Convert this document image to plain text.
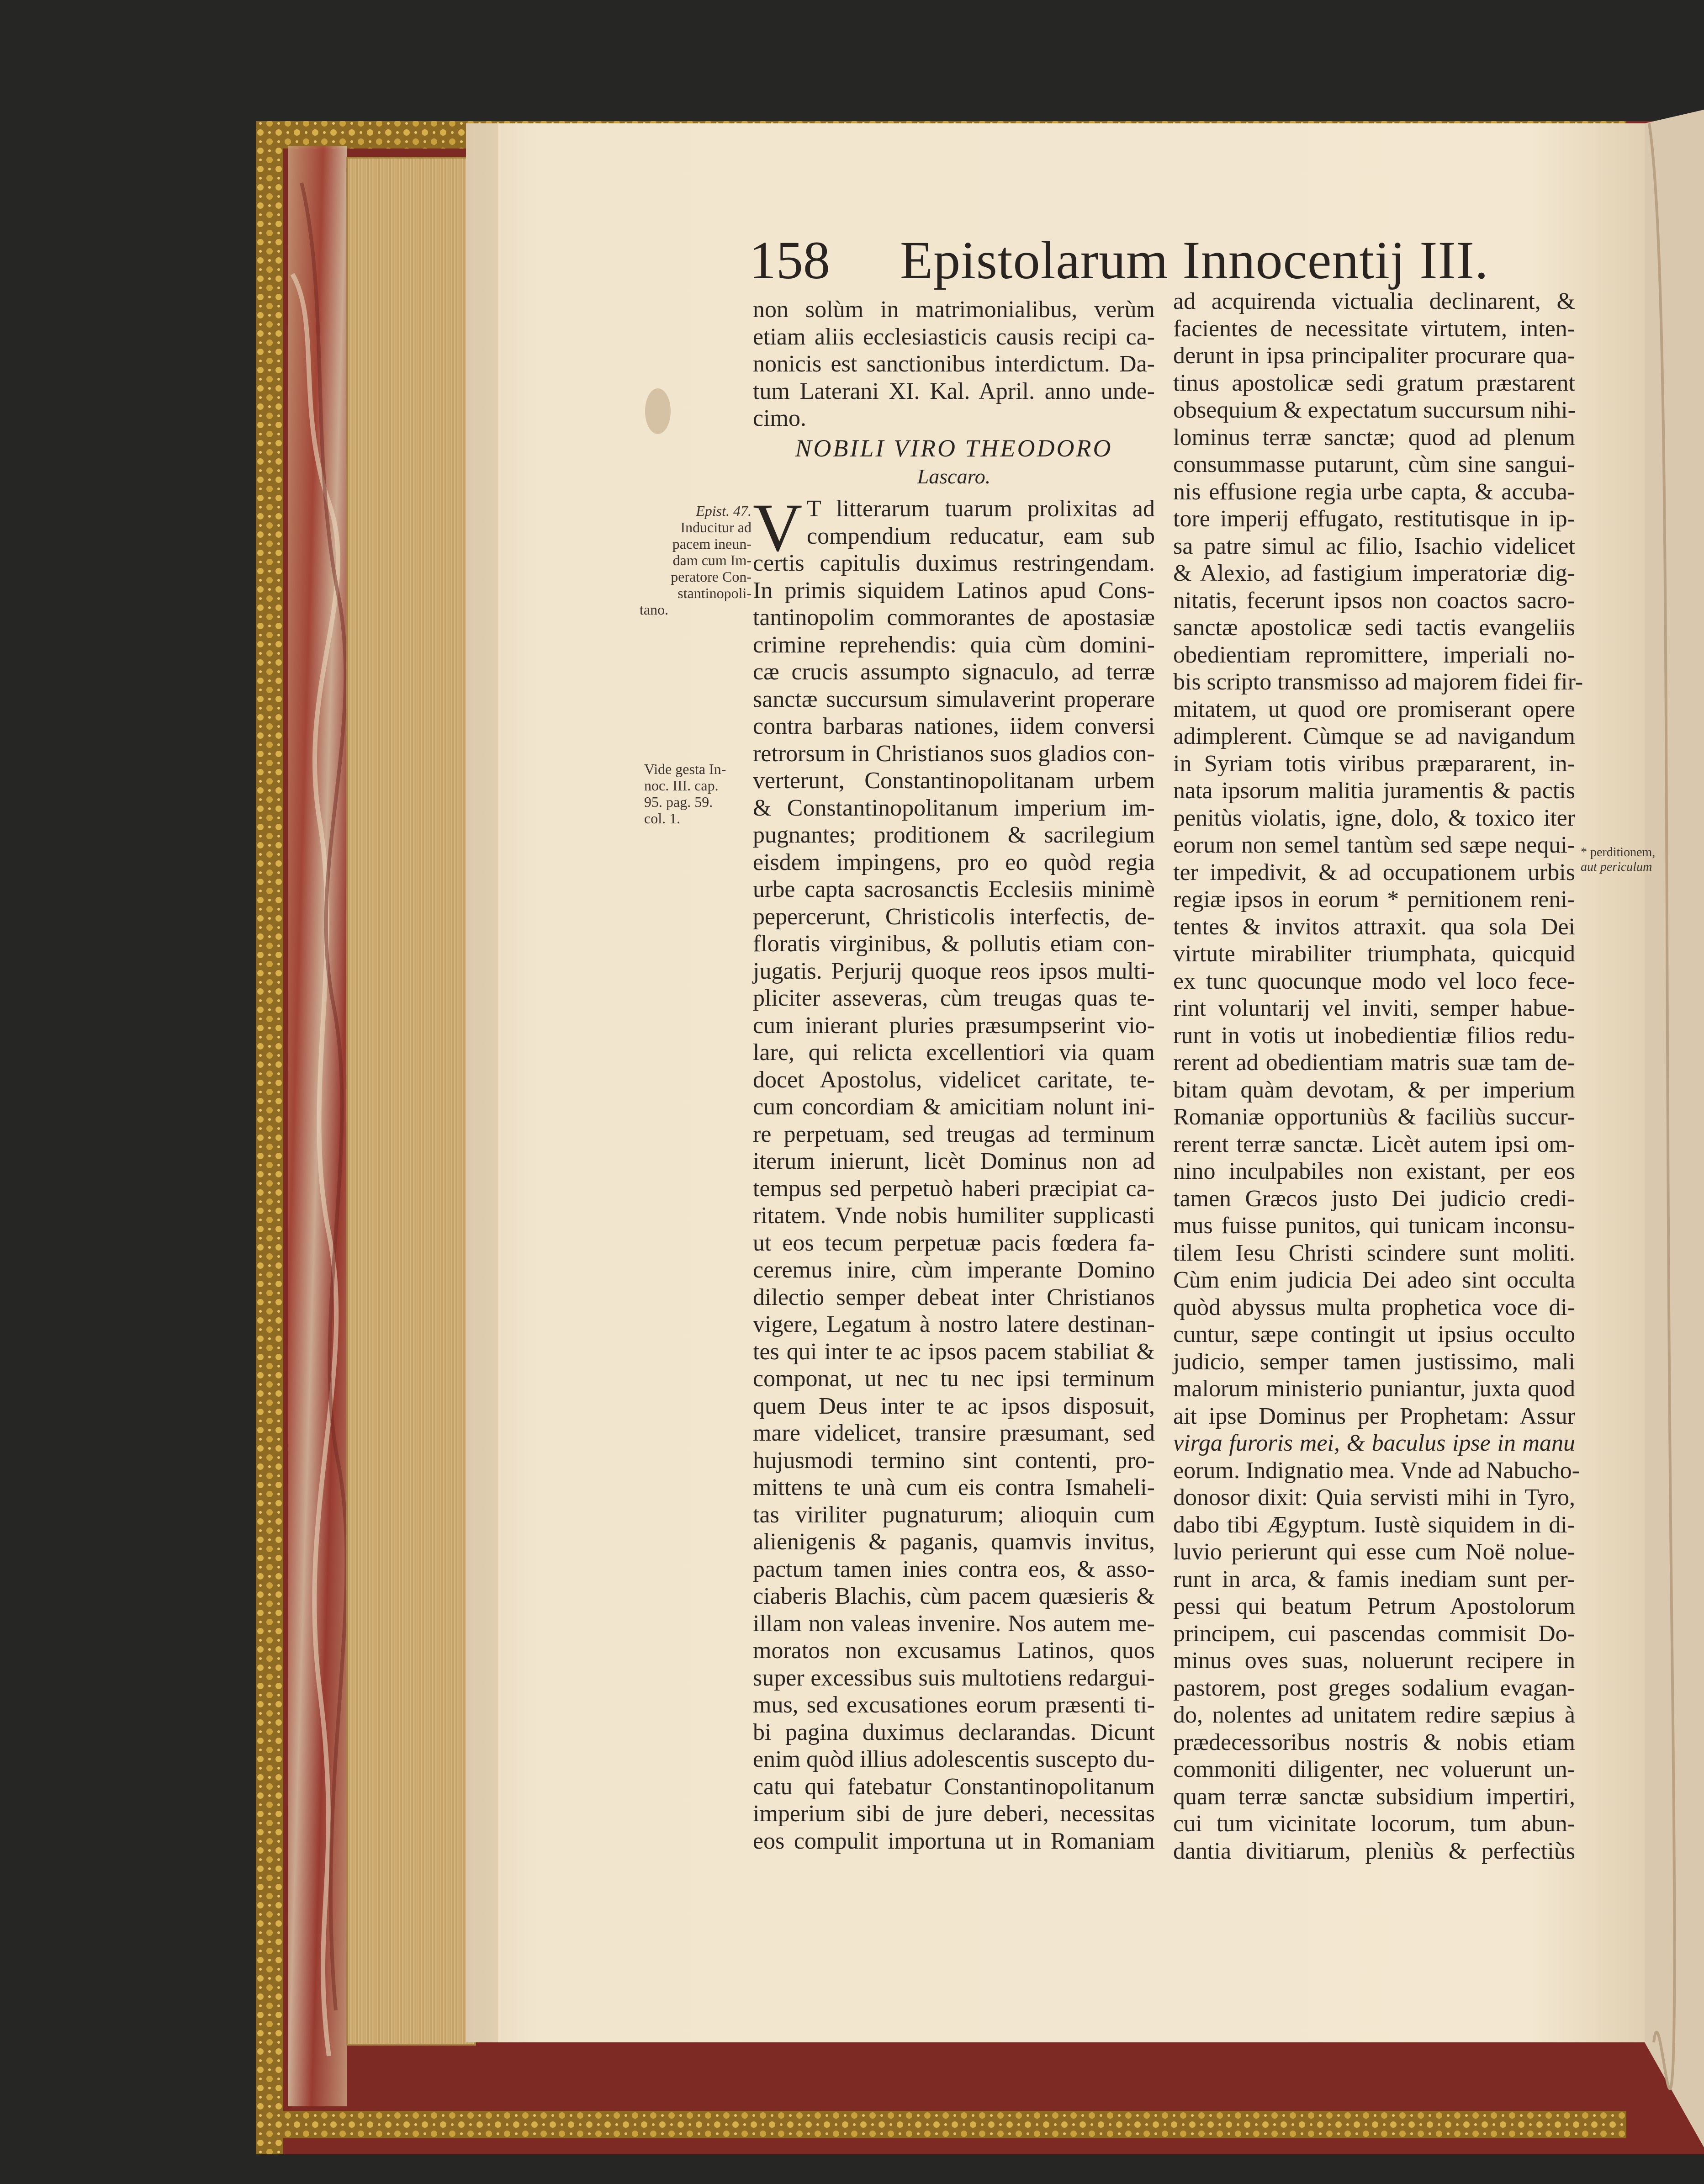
158 Epistolarum Innocentij III.
non solùm in matrimonialibus, verùm
etiam aliis ecclesiasticis causis recipi ca-
nonicis est sanctionibus interdictum. Da-
tum Laterani XI. Kal. April. anno unde-
cimo.
NOBILI VIRO THEODORO
Lascaro.
V T litterarum tuarum prolixitas ad
compendium reducatur, eam sub
certis capitulis duximus restringendam.
In primis siquidem Latinos apud Cons-
tantinopolim commorantes de apostasiæ
crimine reprehendis: quia cùm domini-
cæ crucis assumpto signaculo, ad terræ
sanctæ succursum simulaverint properare
contra barbaras nationes, iidem conversi
retrorsum in Christianos suos gladios con-
verterunt, Constantinopolitanam urbem
& Constantinopolitanum imperium im-
pugnantes; proditionem & sacrilegium
eisdem impingens, pro eo quòd regia
urbe capta sacrosanctis Ecclesiis minimè
pepercerunt, Christicolis interfectis, de-
floratis virginibus, & pollutis etiam con-
jugatis. Perjurij quoque reos ipsos multi-
pliciter asseveras, cùm treugas quas te-
cum inierant pluries præsumpserint vio-
lare, qui relicta excellentiori via quam
docet Apostolus, videlicet caritate, te-
cum concordiam & amicitiam nolunt ini-
re perpetuam, sed treugas ad terminum
iterum inierunt, licèt Dominus non ad
tempus sed perpetuò haberi præcipiat ca-
ritatem. Vnde nobis humiliter supplicasti
ut eos tecum perpetuæ pacis fœdera fa-
ceremus inire, cùm imperante Domino
dilectio semper debeat inter Christianos
vigere, Legatum à nostro latere destinan-
tes qui inter te ac ipsos pacem stabiliat &
componat, ut nec tu nec ipsi terminum
quem Deus inter te ac ipsos disposuit,
mare videlicet, transire præsumant, sed
hujusmodi termino sint contenti, pro-
mittens te unà cum eis contra Ismaheli-
tas viriliter pugnaturum; alioquin cum
alienigenis & paganis, quamvis invitus,
pactum tamen inies contra eos, & asso-
ciaberis Blachis, cùm pacem quæsieris &
illam non valeas invenire. Nos autem me-
moratos non excusamus Latinos, quos
super excessibus suis multotiens redargui-
mus, sed excusationes eorum præsenti ti-
bi pagina duximus declarandas. Dicunt
enim quòd illius adolescentis suscepto du-
catu qui fatebatur Constantinopolitanum
imperium sibi de jure deberi, necessitas
eos compulit importuna ut in Romaniam
ad acquirenda victualia declinarent, &
facientes de necessitate virtutem, inten-
derunt in ipsa principaliter procurare qua-
tinus apostolicæ sedi gratum præstarent
obsequium & expectatum succursum nihi-
lominus terræ sanctæ; quod ad plenum
consummasse putarunt, cùm sine sangui-
nis effusione regia urbe capta, & accuba-
tore imperij effugato, restitutisque in ip-
sa patre simul ac filio, Isachio videlicet
& Alexio, ad fastigium imperatoriæ dig-
nitatis, fecerunt ipsos non coactos sacro-
sanctæ apostolicæ sedi tactis evangeliis
obedientiam repromittere, imperiali no-
bis scripto transmisso ad majorem fidei fir-
mitatem, ut quod ore promiserant opere
adimplerent. Cùmque se ad navigandum
in Syriam totis viribus præpararent, in-
nata ipsorum malitia juramentis & pactis
penitùs violatis, igne, dolo, & toxico iter
eorum non semel tantùm sed sæpe nequi-
ter impedivit, & ad occupationem urbis
regiæ ipsos in eorum * pernitionem reni-
tentes & invitos attraxit. qua sola Dei
virtute mirabiliter triumphata, quicquid
ex tunc quocunque modo vel loco fece-
rint voluntarij vel inviti, semper habue-
runt in votis ut inobedientiæ filios redu-
rerent ad obedientiam matris suæ tam de-
bitam quàm devotam, & per imperium
Romaniæ opportuniùs & faciliùs succur-
rerent terræ sanctæ. Licèt autem ipsi om-
nino inculpabiles non existant, per eos
tamen Græcos justo Dei judicio credi-
mus fuisse punitos, qui tunicam inconsu-
tilem Iesu Christi scindere sunt moliti.
Cùm enim judicia Dei adeo sint occulta
quòd abyssus multa prophetica voce di-
cuntur, sæpe contingit ut ipsius occulto
judicio, semper tamen justissimo, mali
malorum ministerio puniantur, juxta quod
ait ipse Dominus per Prophetam: Assur
virga furoris mei, & baculus ipse in manu
eorum. Indignatio mea. Vnde ad Nabucho-
donosor dixit: Quia servisti mihi in Tyro,
dabo tibi Ægyptum. Iustè siquidem in di-
luvio perierunt qui esse cum Noë nolue-
runt in arca, & famis inediam sunt per-
pessi qui beatum Petrum Apostolorum
principem, cui pascendas commisit Do-
minus oves suas, noluerunt recipere in
pastorem, post greges sodalium evagan-
do, nolentes ad unitatem redire sæpius à
prædecessoribus nostris & nobis etiam
commoniti diligenter, nec voluerunt un-
quam terræ sanctæ subsidium impertiri,
cui tum vicinitate locorum, tum abun-
dantia divitiarum, pleniùs & perfectiùs
Epist. 47.
Inducitur ad
pacem ineun-
dam cum Im-
peratore Con-
stantinopoli-
tano.
Vide gesta In-
noc. III. cap.
95. pag. 59.
col. 1.
* perditionem,
aut periculum
